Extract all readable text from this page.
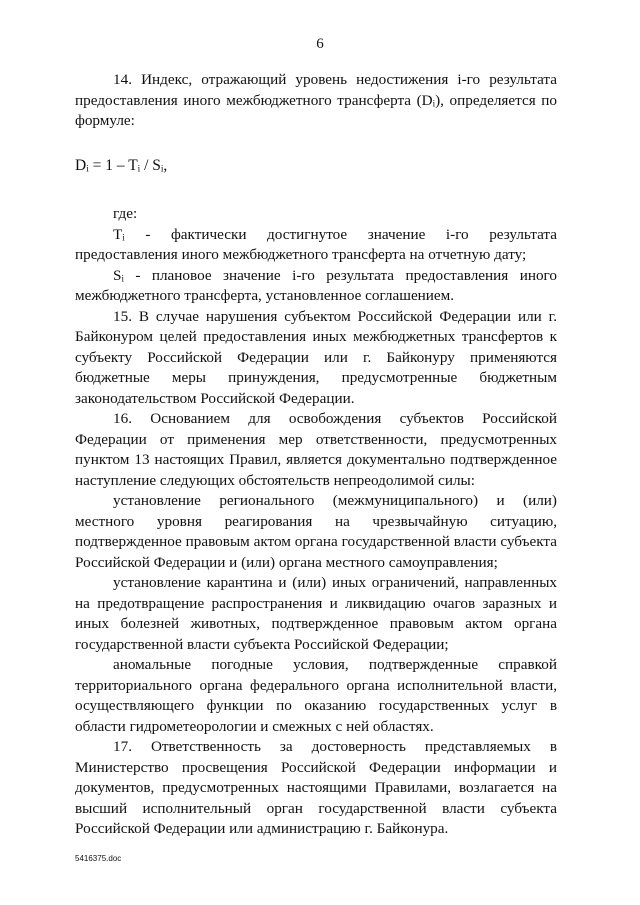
6

14. Индекс, отражающий уровень недостижения i-го результата предоставления иного межбюджетного трансферта (Dᵢ), определяется по формуле:

Dᵢ = 1 – Tᵢ / Sᵢ,

где:

Tᵢ - фактически достигнутое значение i-го результата предоставления иного межбюджетного трансферта на отчетную дату;

Sᵢ - плановое значение i-го результата предоставления иного межбюджетного трансферта, установленное соглашением.

15. В случае нарушения субъектом Российской Федерации или г. Байконуром целей предоставления иных межбюджетных трансфертов к субъекту Российской Федерации или г. Байконуру применяются бюджетные меры принуждения, предусмотренные бюджетным законодательством Российской Федерации.

16. Основанием для освобождения субъектов Российской Федерации от применения мер ответственности, предусмотренных пунктом 13 настоящих Правил, является документально подтвержденное наступление следующих обстоятельств непреодолимой силы:

установление регионального (межмуниципального) и (или) местного уровня реагирования на чрезвычайную ситуацию, подтвержденное правовым актом органа государственной власти субъекта Российской Федерации и (или) органа местного самоуправления;

установление карантина и (или) иных ограничений, направленных на предотвращение распространения и ликвидацию очагов заразных и иных болезней животных, подтвержденное правовым актом органа государственной власти субъекта Российской Федерации;

аномальные погодные условия, подтвержденные справкой территориального органа федерального органа исполнительной власти, осуществляющего функции по оказанию государственных услуг в области гидрометеорологии и смежных с ней областях.

17. Ответственность за достоверность представляемых в Министерство просвещения Российской Федерации информации и документов, предусмотренных настоящими Правилами, возлагается на высший исполнительный орган государственной власти субъекта Российской Федерации или администрацию г. Байконура.

5416375.doc
